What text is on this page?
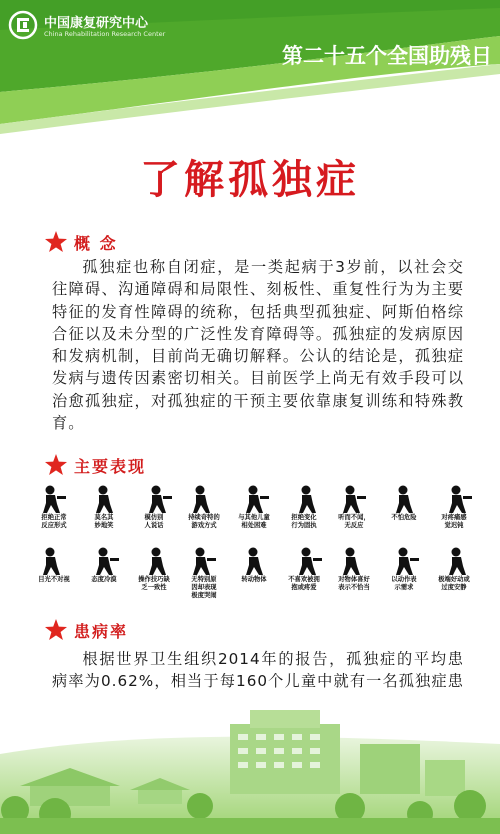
中国康复研究中心
China Rehabilitation Research Center
第二十五个全国助残日
了解孤独症
概 念
孤独症也称自闭症，是一类起病于3岁前，以社会交往障碍、沟通障碍和局限性、刻板性、重复性行为为主要特征的发育性障碍的统称，包括典型孤独症、阿斯伯格综合征以及未分型的广泛性发育障碍等。孤独症的发病原因和发病机制，目前尚无确切解释。公认的结论是，孤独症发病与遗传因素密切相关。目前医学上尚无有效手段可以治愈孤独症，对孤独症的干预主要依靠康复训练和特殊教育。
主要表现
拒绝正常
反应形式
莫名其
妙地笑
模仿别
人说话
持续奇特的
游戏方式
与其他儿童
相处困难
拒绝变化
行为固执
听而不闻，
无反应
不怕危险	对疼痛感
觉迟钝
目光不对视	态度冷漠	操作技巧缺
乏一致性
无特别原
因却表现
极度哭闹
转动物体	不喜欢被拥
抱或疼爱
对物体喜好
表示不恰当
以动作表
示需求
极端好动或
过度安静
患病率
根据世界卫生组织2014年的报告，孤独症的平均患病率为0.62%，相当于每160个儿童中就有一名孤独症患
